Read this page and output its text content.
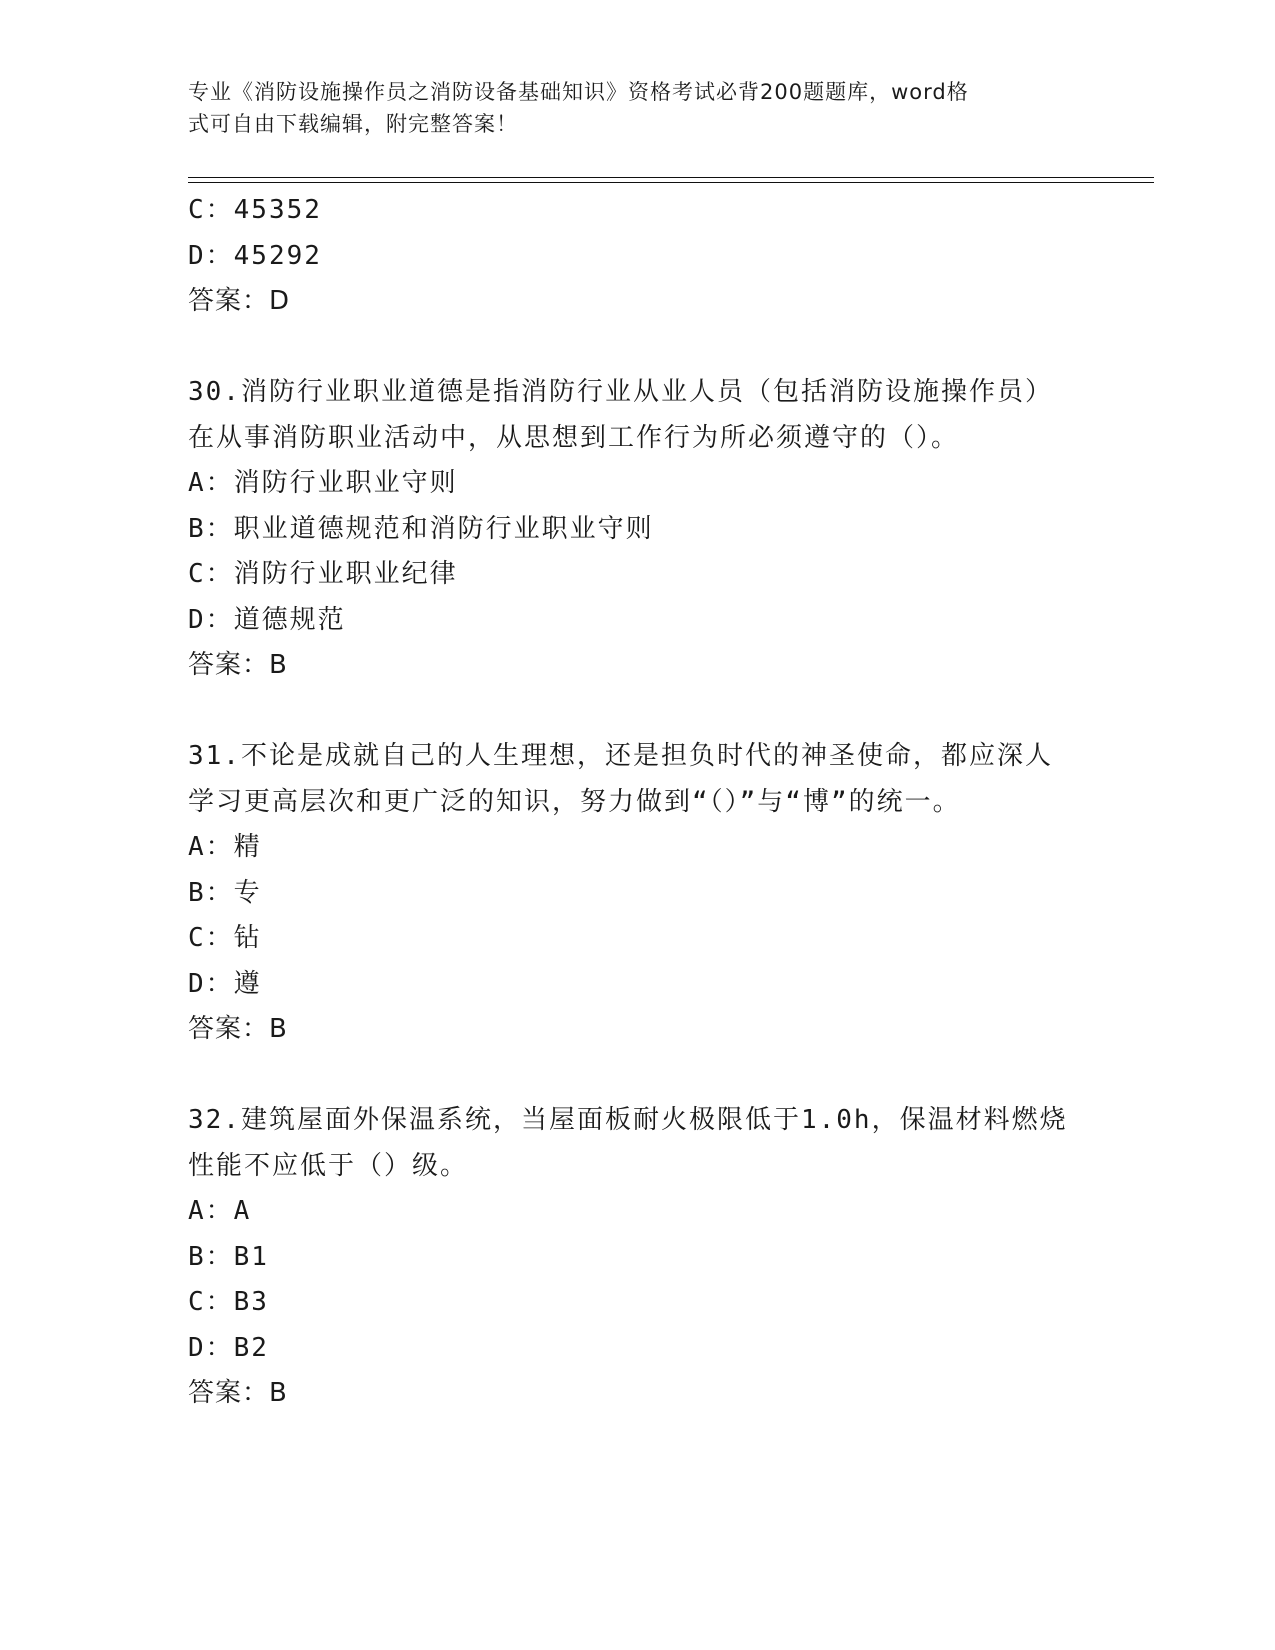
专业《消防设施操作员之消防设备基础知识》资格考试必背200题题库，word格
式可自由下载编辑，附完整答案！
C：45352
D：45292
答案：D
30.消防行业职业道德是指消防行业从业人员（包括消防设施操作员）
在从事消防职业活动中，从思想到工作行为所必须遵守的（）。
A：消防行业职业守则
B：职业道德规范和消防行业职业守则
C：消防行业职业纪律
D：道德规范
答案：B
31.不论是成就自己的人生理想，还是担负时代的神圣使命，都应深人
学习更高层次和更广泛的知识，努力做到“（）”与“博”的统一。
A：精
B：专
C：钻
D：遵
答案：B
32.建筑屋面外保温系统，当屋面板耐火极限低于1.0h，保温材料燃烧
性能不应低于（）级。
A：A
B：B1
C：B3
D：B2
答案：B
